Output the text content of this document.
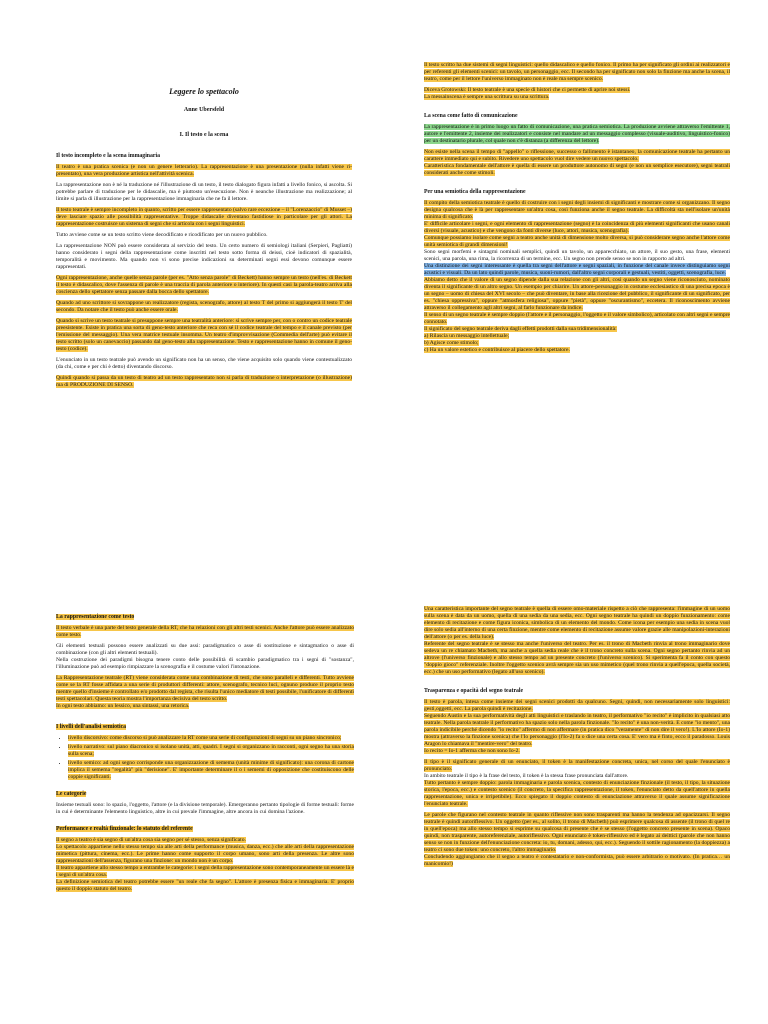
Leggere lo spettacolo
Anne Ubersfeld
I. Il testo e la scena
Il testo incompleto e la scena immaginaria

Il teatro è una pratica scenica (e non un genere letterario). La rappresentazione è una presentazione (nulla infatti viene ri-presentato), una vera produzione artistica nell'attività scenica.

La rappresentazione non è né la traduzione né l'illustrazione di un testo, il testo dialogato figura infatti a livello fonico, si ascolta. Si potrebbe parlare di traduzione per le didascalie, ma è piuttosto un'esecuzione. Non è neanche illustrazione ma realizzazione; al limite si parla di illustrazione per la rappresentazione immaginaria che ne fa il lettore.

Il testo teatrale è sempre incompleto in quanto, scritto per essere rappresentato (salvo rare eccezione – il "Lorenzaccio" di Musset –) deve lasciare spazio alle possibilità rappresentative. Troppe didascalie diventano fastidiose in particolare per gli attori. La rappresentazione costruisce un sistema di segni che si articola con i segni linguistici.

Tutto avviene come se un testo scritto viene decodificato e ricodificato per un nuovo pubblico.

La rappresentazione NON può essere considerata al servizio del testo. Un certo numero di semiologi italiani (Serpieri, Pagliatti) hanno considerato i segni della rappresentazione come inscritti nel testo sotto forma di deissi, cioè indicatori di spazialità, temporalità e movimento. Ma quando non vi sono precise indicazioni su determinati segni essi devono comunque essere rappresentati.

Ogni rappresentazione, anche quelle senza parole (per es. "Atto senza parole" di Beckett) hanno sempre un testo (nell'es. di Beckett il testo è didascalico, dove l'assenza di parole è una traccia di parola anteriore o interiore). In questi casi la parola-teatro arriva alla coscienza dello spettatore senza passare dalla bocca dello spettatore.

Quando ad uno scrittore si sovrappone un realizzatore (regista, scenografo, attore) al testo T del primo si aggiungerà il testo T' del secondo. Da notare che il testo può anche essere orale.

Quando si scrive un testo teatrale si presuppone sempre una teatralità anteriore: si scrive sempre per, con o contro un codice teatrale preesistente. Esiste in pratica una sorta di geno-testo anteriore che reca con sé il codice teatrale del tempo e il canale previsto (per l'emissione del messaggio). Una vera matrice testuale insomma. Un teatro d'improvvisazione (Commedia dell'arte) può evitare il testo scritto (solo un canevaccio) passando dal geno-testo alla rappresentazione. Testo e rappresentazione hanno in comune il geno-testo (codice).

L'enunciato in un testo teatrale può avendo un significato non ha un senso, che viene acquisito solo quando viene contestualizzato (da chi, come e per chi è detto) diventando discorso.

Quindi quando si passa da un testo di teatro ad un testo rappresentato non si parla di traduzione o interpretazione (o illustrazione) ma di PRODUZIONE DI SENSO.

Il testo scritto ha due sistemi di segni linguistici: quello didascalico e quello fonico. Il primo ha per significato gli ordini ai realizzatori e per referenti gli elementi scenici: un tavolo, un personaggio, ecc. Il secondo ha per significato non solo la finzione ma anche la scena, il teatro, come per il lettore l'universo immaginato non è reale ma sempre scenico.

Diceva Grotowski: Il testo teatrale è una specie di histori che ci permette di aprire noi stessi.

La messainscena è sempre una scrittura su una scrittura.

La scena come fatto di comunicazione

La rappresentazione è in primo luogo un fatto di comunicazione, una pratica semiotica. La produzione avviene attraverso l'emittente 1, autore e l'emittente 2, insieme dei realizzatori e consiste nel mandare ad un messaggio complesso (visuale-auditivo, linguistico-fonico) per un destinatario plurale, col quale non c'è distanza (a differenza del lettore).

Non esiste nella scena il tempo di "appello" o riflessione, successo o fallimento è istantaneo, la comunicazione teatrale ha pertanto un carattere immediato qui e subito. Rivedere uno spettacolo vuol dire vedere un nuovo spettacolo.

Caratteristica fondamentale dell'attore è quella di essere un produttore autonomo di segni (e non un semplice esecutore), segni teatrali considerati anche come stimoli.

Per una semiotica della rappresentazione

Il compito della semiotica teatrale è quello di costruire con i segni degli insiemi di significanti e mostrare come si organizzano. Il segno designa qualcosa che è là per rappresentare un'altra cosa, così funziona anche il segno teatrale. La difficoltà sta nell'isolare un'unità minima di significato.

E' difficile articolare i segni, e ogni elemento di rappresentazione (segno) è la coincidenza di più elementi significanti che usano canali diversi (visuale, acustico) e che vengono da fonti diverse (luce, attori, musica, scenografia).

Comunque possiamo isolare come segni a teatro anche unità di dimensione molto diversa, si può considerare segno anche l'attore come unità semiotica di grandi dimensioni!

Sono segni morfemi e sintagmi nominali semplici, quindi un tavolo, un apparecchiato, un attore, il suo gesto, una frase, elementi scenici, una parola, una rima, la ricorrenza di un termine, ecc. Un segno non prende senso se non in rapporto ad altri.

Una distinzione dei segni interessante è quella tra segni dell'attore e segni spaziali, in funzione del canale invece distinguiamo segni acustici e visuali. Da un lato quindi parole, musica, suoni-rumori, dall'altro segni corporali e gestuali, vestiti, oggetti, scenografia, luce.

Abbiamo detto che il valore di un segno dipende dalla sua relazione con gli altri, così quando un segno viene riconosciuto, nominato diventa il significante di un altro segno. Un esempio per chiarire. Un attore-personaggio in costume ecclesiastico di una precisa epoca è un segno – uomo di chiesa del XVI secolo – che può diventare, in base alla ricezione del pubblico, il significante di un significato, per es. "chiesa oppressiva", oppure "atmosfera religiosa", oppure "pietà", oppure "oscurantismo", eccetera. Il riconoscimento avviene attraverso il collegamento agli altri segni, al farlo funzionare da indice.

Il senso di un segno teatrale è sempre doppio (l'attore e il personaggio, l'oggetto e il valore simbolico), articolato con altri segni e sempre connotato.

Il significato del segno teatrale deriva dagli effetti prodotti dalla sua tridimensionalità:

a) Rilascia un messaggio intellettuale;

b) Agisce come stimolo;

c) Ha un valore estetico e contribuisce al piacere dello spettatore.

La rappresentazione come testo

Il testo verbale è una parte del testo generale della RT, che ha relazioni con gli altri testi scenici. Anche l'attore può essere analizzato come testo.

Gli elementi testuali possono essere analizzati su due assi: paradigmatico o asse di sostituzione e sintagmatico o asse di combinazione (con gli altri elementi testuali).

Nella costruzione dei paradigmi bisogna tenere conto delle possibilità di scambio paradigmatico tra i segni di "sostanza", l'illuminazione può ad esempio rimpiazzare la scenografia e il costume valori l'intonazione.

La Rappresentazione teatrale (RT) viene considerata come una combinazione di testi, che sono paralleli e differenti. Tutto avviene come se la RT fosse affidata a una serie di produttori differenti: attore, scenografo, tecnico luci, ognuno produce il proprio testo mentre quello d'insieme è controllato e/o prodotto dal regista, che risulta l'unico mediatore di testi possibile, l'unificatore di differenti testi spettacolari. Questa teoria mostra l'importanza decisiva del testo scritto.

In ogni testo abbiamo: un lessico, una sintassi, una retorica.

I livelli dell'analisi semiotica
• livello discorsivo: come discorso si può analizzare la RT come una serie di configurazioni di segni su un piano sincronico;
• livello narrativo: sul piano diacronico si isolano unità, atti, quadri. I segni si organizzano in racconti, ogni segno ha una storia sulla scena;
• livello semico: ad ogni segno corrisponde una organizzazione di semema (unità minime di significato): una corona di cartone implica il semema "regalità" più "derisione". E' importante determinare il o i sememi di opposizione che costituiscono delle coppie significanti.
Le categorie

Insieme testuali sono: lo spazio, l'oggetto, l'attore (e la divisione temporale). Emergeranno pertanto tipologie di forme testuali: forme in cui è determinante l'elemento linguistico, altre in cui prevale l'immagine, altre ancora in cui domina l'azione.

Performance e realtà finzionale: lo statuto del referente

Il segno a teatro è sia segno di un'altra cosa sia segno per sé stesso, senza significato.

Lo spettacolo appartiene nello stesso tempo sia alle arti della performance (musica, danza, ecc.) che alle arti della rappresentazione mimetica (pittura, cinema, ecc.). Le prime hanno come supporto il corpo umano, sono arti della presenza. Le altre sono rappresentazioni dell'assenza, figurano una finzione: un mondo non è un corpo.

Il teatro appartiene allo stesso tempo a entrambe le categorie: i segni della rappresentazione sono contemporaneamente un essere là e i segni di un'altra cosa.

La definizione semiotica del teatro potrebbe essere "un reale che fa segno". L'attore è presenza fisica e immaginaria. E' proprio questo il doppio statuto del teatro.

Una caratteristica importante del segno teatrale è quella di essere omo-materiale rispetto a ciò che rappresenta: l'immagine di un uomo sulla scena è data da un uomo, quella di una sedia da una sedia, ecc. Ogni segno teatrale ha quindi un doppio funzionamento: come elemento di recitazione e come figura iconica, simbolica di un elemento del mondo. Come icona per esempio una sedia in scena vuol dire solo sedia all'interno di una certa finzione, mentre come elemento di recitazione assume valore grazie alle manipolazioni-interazioni dell'attore (o per es. della luce).

Referente del segno teatrale è se stesso ma anche l'universo del teatro. Per es. il trono di Macbeth rinvia al trono immaginario dove sedeva un re chiamato Macbeth, ma anche a quella sedia reale che è il trono concreto sulla scena. Ogni segno pertanto rinvia ad un altrove (l'universo finzionale) e allo stesso tempo ad un presente concreto (l'universo scenico). Si sperimenta fa il conto con questo "doppio gioco" referenziale. Inoltre l'oggetto scenico avrà sempre sia un uso mimetico (quel trono rinvia a quell'epoca, quella società, ecc.) che un uso performativo (legato all'uso scenico).

Trasparenza e opacità del segno teatrale

Il testo è parola, intesa come insieme dei segni scenici prodotti da qualcuno. Segni, quindi, non necessariamente solo linguistici: gesti,oggetti, ecc. La parola quindi è recitazione.

Seguendo Austin e la sua performatività degli atti linguistici e traslando in teatro, il performativo "io recito" è implicito in qualsiasi atto teatrale. Nella parola teatrale il performativo ha spazio solo nella parola finzionale. "Io recito" è una non-verità. E come "io mento", una parola indicibile perché dicendo "io recito" affermo di non affermare (in pratica dico "veramente" di non dire il vero!). L'Io attore (Io-1) mostra (attraverso la finzione scenica) che l'Io personaggio (l'Io-2) fa o dice una certa cosa. E' vero ma è finto, ecco il paradosso. Louis Aragon lo chiamava il "mentire-vero" del teatro.

Io recito = Io-1 afferma che non sono Io-2.

Il tipo è il significato generale di un enunciato, il token è la manifestazione concreta, unica, nel corso del quale l'enunciato è pronunciato.

In ambito teatrale il tipo è la frase del testo, il token è la stessa frase pronunciata dall'attore.

Tutto pertanto è sempre doppio: parola immaginaria e parola scenica, contesto di enunciazione finzionale (il testo, il tipo, la situazione storica, l'epoca, ecc.) e contesto scenico (il concreto, la specifica rappresentazione, il token, l'enunciato detto da quell'attore in quella rappresentazione, unica e irripetibile). Ecco spiegato il doppio contesto di enunciazione attraverso il quale assume significazione l'enunciato teatrale.

Le parole che figurano nel contesto teatrale in quanto riflessive non sono trasparenti ma hanno la tendenza ad opacizzarsi. Il segno teatrale è quindi autoriflessivo. Un oggetto (per es., al solito, il trono di Macbeth) può esprimere qualcosa di assente (il trono di quel re in quell'epoca) ma allo stesso tempo si esprime su qualcosa di presente che è se stesso (l'oggetto concreto presente in scena). Opaco quindi, non trasparente, autoreferenziale, autoriflessivo. Ogni enunciato è token-riflessivo ed è legato ai deittici (parole che non hanno senso se non in funzione dell'enunciazione concreta: io, tu, domani, adesso, qui, ecc.). Seguendo il sottile ragionamento (la doppiezza) a teatro ci sono due token: uno concreto, l'altro immaginario.

Concludendo aggiungiamo che il segno a teatro è contestatario e non-conformista, può essere arbitrario o motivato. (In pratica… un manicomio!)
